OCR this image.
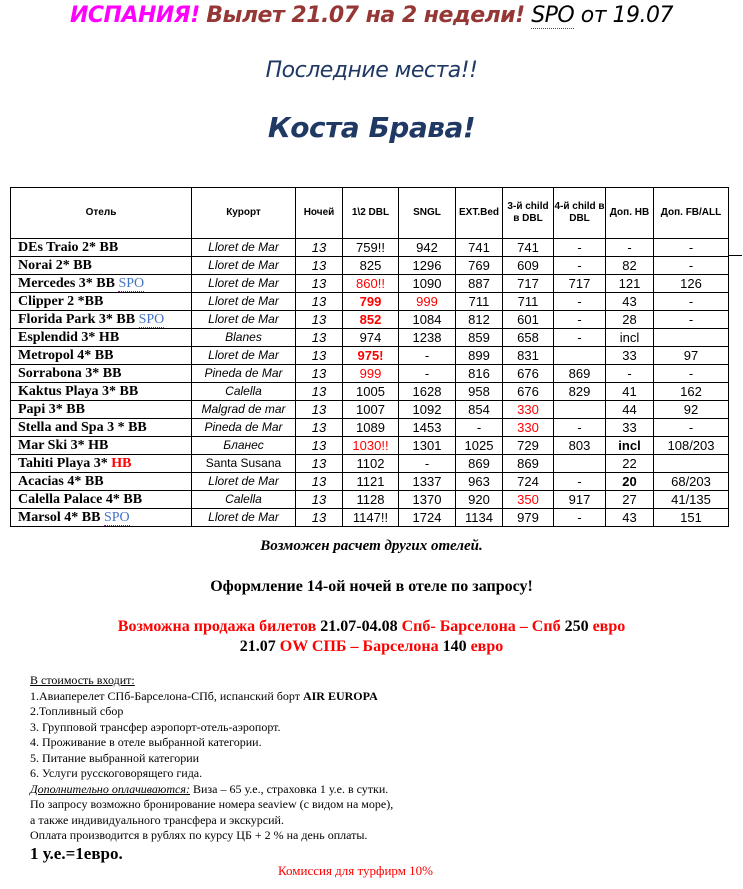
ИСПАНИЯ! Вылет 21.07 на 2 недели! SPO от 19.07
Последние места!!
Коста Брава!
Отель	Курорт	Ночей	1\2 DBL	SNGL	EXT.Bed	3-й child в DBL	4-й child в DBL	Доп. HB	Доп. FB/ALL
DEs Traio 2* BB	Lloret de Mar	13	759!!	942	741	741	-	-	-
Norai 2* BB	Lloret de Mar	13	825	1296	769	609	-	82	-
Mercedes 3* BB SPO	Lloret de Mar	13	860!!	1090	887	717	717	121	126
Clipper 2 *BB	Lloret de Mar	13	799	999	711	711	-	43	-
Florida Park 3* BB SPO	Lloret de Mar	13	852	1084	812	601	-	28	-
Esplendid 3* HB	Blanes	13	974	1238	859	658	-	incl	
Metropol 4* BB	Lloret de Mar	13	975!	-	899	831		33	97
Sorrabona 3* BB	Pineda de Mar	13	999	-	816	676	869	-	-
Kaktus Playa 3* BB	Calella	13	1005	1628	958	676	829	41	162
Papi 3* BB	Malgrad de mar	13	1007	1092	854	330		44	92
Stella and Spa 3 * BB	Pineda de Mar	13	1089	1453	-	330	-	33	-
Mar Ski 3* HB	Бланес	13	1030!!	1301	1025	729	803	incl	108/203
Tahiti Playa 3* HB	Santa Susana	13	1102	-	869	869		22	
Acacias 4* BB	Lloret de Mar	13	1121	1337	963	724	-	20	68/203
Calella Palace 4* BB	Calella	13	1128	1370	920	350	917	27	41/135
Marsol 4* BB SPO	Lloret de Mar	13	1147!!	1724	1134	979	-	43	151
Возможен расчет других отелей.
Оформление 14-ой ночей в отеле по запросу!
Возможна продажа билетов 21.07-04.08 Спб- Барселона – Спб 250 евро
21.07 OW СПБ – Барселона 140 евро
В стоимость входит:
1.Авиаперелет СПб-Барселона-СПб, испанский борт AIR EUROPA
2.Топливный сбор
3. Групповой трансфер аэропорт-отель-аэропорт.
4. Проживание в отеле выбранной категории.
5. Питание выбранной категории
6. Услуги русскоговорящего гида.
Дополнительно оплачиваются: Виза – 65 у.е., страховка 1 у.е. в сутки.
По запросу возможно бронирование номера seaview (с видом на море),
а также индивидуального трансфера и экскурсий.
Оплата производится в рублях по курсу ЦБ + 2 % на день оплаты.
1 у.е.=1евро.
Комиссия для турфирм 10%
